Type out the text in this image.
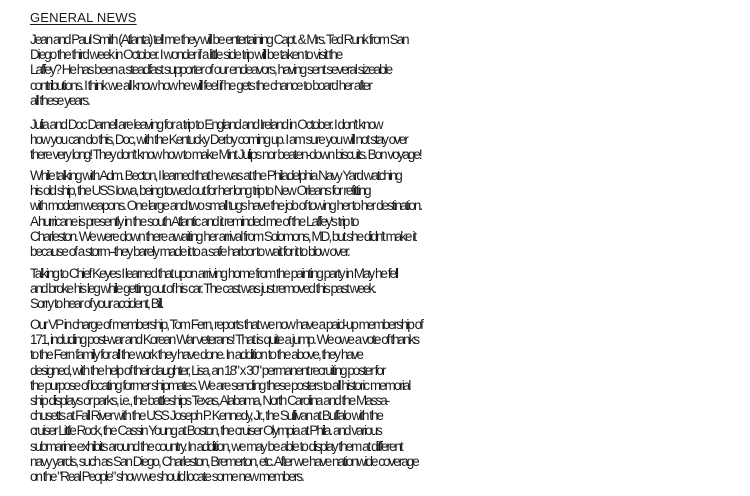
GENERAL NEWS
Jean and Paul Smith (Atlanta) tell me they will be entertaining Capt. & Mrs. Ted Runk from San
Diego the third week in October. I wonder if a little side trip will be taken to visit the
Laffey? He has been a steadfast supporter of our endeavors, having sent several sizeable
contributions. I think we all know how he will feel if he gets the chance to board her after
all these years.
Julia and Doc Darnell are leaving for a trip to England and Ireland in October. I don't know
how you can do this, Doc, with the Kentucky Derby coming up. I am sure you will not stay over
there very long! They don't know how to make Mint Julips nor beaten-down biscuits. Bon voyage!
While talking with Adm. Becton, I learned that he was at the Philadelphia Navy Yard watching
his old ship, the USS Iowa, being towed out for her long trip to New Orleans for refitting
with modern weapons. One large and two small tugs have the job of towing her to her destination.
A hurricane is presently in the south Atlantic and it reminded me of the Laffey's trip to
Charleston. We were down there awaiting her arrival from Solomons, MD, but she didn't make it
because of a storm--they barely made it to a safe harbor to wait for it to blow over.
Talking to Chief Keyes I learned that upon arriving home from the painting party in May he fell
and broke his leg while getting out of his car. The cast was just removed this past week.
Sorry to hear of your accident, Bill.
Our VP in charge of membership, Tom Fern, reports that we now have a paid-up membership of
171, including post-war and Korean War veterans! That is quite a jump. We owe a vote of thanks
to the Fern family for all the work they have done. In addition to the above, they have
designed, with the help of their daughter, Lisa, an 18" x 30" permanent recruiting poster for
the purpose of locating former shipmates. We are sending these posters to all historic memorial
ship displays or parks, i.e., the battleships Texas, Alabama, North Carolina and the Massa-
chusetts at Fall River with the USS Joseph P. Kennedy, Jr., the Sullivan at Buffalo with the
cruiser Little Rock, the Cassin Young at Boston, the cruiser Olympia at Phila. and various
submarine exhibits around the country. In addition, we may be able to display them at different
navy yards, such as San Diego, Charleston, Bremerton, etc. After we have nationwide coverage
on the "Real People" show we should locate some new members.
